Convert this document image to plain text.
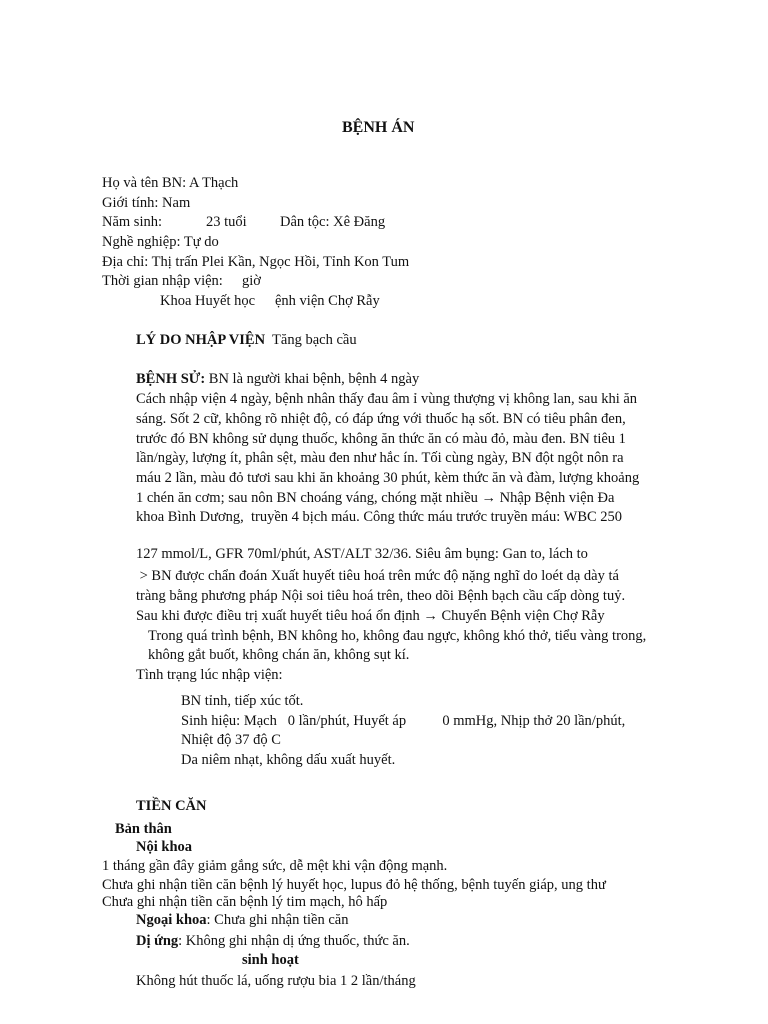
BỆNH ÁN
Họ và tên BN: A Thạch
Giới tính: Nam
Năm sinh:	23 tuổi Dân tộc: Xê Đăng
Nghề nghiệp: Tự do
Địa chỉ: Thị trấn Plei Kần, Ngọc Hồi, Tỉnh Kon Tum
Thời gian nhập viện: giờ
Khoa Huyết học ệnh viện Chợ Rẫy
LÝ DO NHẬP VIỆN Tăng bạch cầu
BỆNH SỬ: BN là người khai bệnh, bệnh 4 ngày
Cách nhập viện 4 ngày, bệnh nhân thấy đau âm ỉ vùng thượng vị không lan, sau khi ăn
sáng. Sốt 2 cữ, không rõ nhiệt độ, có đáp ứng với thuốc hạ sốt. BN có tiêu phân đen,
trước đó BN không sử dụng thuốc, không ăn thức ăn có màu đỏ, màu đen. BN tiêu 1
lần/ngày, lượng ít, phân sệt, màu đen như hắc ín. Tối cùng ngày, BN đột ngột nôn ra
máu 2 lần, màu đỏ tươi sau khi ăn khoảng 30 phút, kèm thức ăn và đàm, lượng khoảng
1 chén ăn cơm; sau nôn BN choáng váng, chóng mặt nhiều → Nhập Bệnh viện Đa
khoa Bình Dương,  truyền 4 bịch máu. Công thức máu trước truyền máu: WBC 250
127 mmol/L, GFR 70ml/phút, AST/ALT 32/36. Siêu âm bụng: Gan to, lách to
> BN được chẩn đoán Xuất huyết tiêu hoá trên mức độ nặng nghĩ do loét dạ dày tá
tràng bằng phương pháp Nội soi tiêu hoá trên, theo dõi Bệnh bạch cầu cấp dòng tuỷ.
Sau khi được điều trị xuất huyết tiêu hoá ổn định → Chuyển Bệnh viện Chợ Rẫy
Trong quá trình bệnh, BN không ho, không đau ngực, không khó thở, tiểu vàng trong,
không gắt buốt, không chán ăn, không sụt kí.
Tình trạng lúc nhập viện:
BN tỉnh, tiếp xúc tốt.
Sinh hiệu: Mạch   0 lần/phút, Huyết áp          0 mmHg, Nhịp thở 20 lần/phút,
Nhiệt độ 37 độ C
Da niêm nhạt, không dấu xuất huyết.
TIỀN CĂN
Bản thân
Nội khoa
1 tháng gần đây giảm gắng sức, dễ mệt khi vận động mạnh.
Chưa ghi nhận tiền căn bệnh lý huyết học, lupus đỏ hệ thống, bệnh tuyến giáp, ung thư
Chưa ghi nhận tiền căn bệnh lý tim mạch, hô hấp
Ngoại khoa: Chưa ghi nhận tiền căn
Dị ứng: Không ghi nhận dị ứng thuốc, thức ăn.
sinh hoạt
Không hút thuốc lá, uống rượu bia 1 2 lần/tháng
